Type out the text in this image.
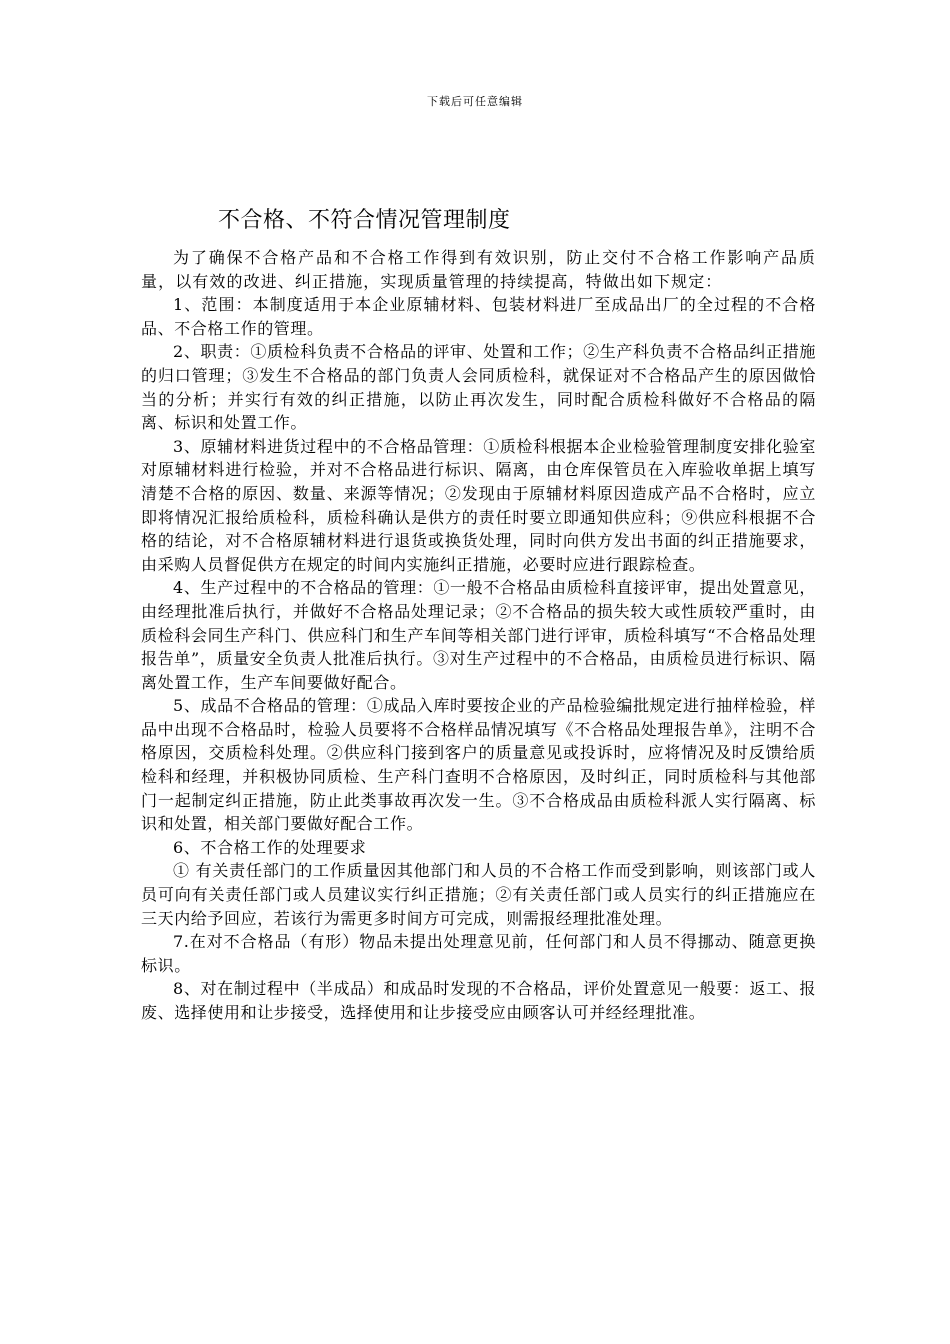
下载后可任意编辑
不合格、不符合情况管理制度

为了确保不合格产品和不合格工作得到有效识别，防止交付不合格工作影响产品质量，以有效的改进、纠正措施，实现质量管理的持续提高，特做出如下规定：

1、范围：本制度适用于本企业原辅材料、包装材料进厂至成品出厂的全过程的不合格品、不合格工作的管理。

2、职责：①质检科负责不合格品的评审、处置和工作；②生产科负责不合格品纠正措施的归口管理；③发生不合格品的部门负责人会同质检科，就保证对不合格品产生的原因做恰当的分析；并实行有效的纠正措施，以防止再次发生，同时配合质检科做好不合格品的隔离、标识和处置工作。

3、原辅材料进货过程中的不合格品管理：①质检科根据本企业检验管理制度安排化验室对原辅材料进行检验，并对不合格品进行标识、隔离，由仓库保管员在入库验收单据上填写清楚不合格的原因、数量、来源等情况；②发现由于原辅材料原因造成产品不合格时，应立即将情况汇报给质检科，质检科确认是供方的责任时要立即通知供应科；⑨供应科根据不合格的结论，对不合格原辅材料进行退货或换货处理，同时向供方发出书面的纠正措施要求，由采购人员督促供方在规定的时间内实施纠正措施，必要时应进行跟踪检查。

4、生产过程中的不合格品的管理：①一般不合格品由质检科直接评审，提出处置意见，由经理批准后执行，并做好不合格品处理记录；②不合格品的损失较大或性质较严重时，由质检科会同生产科门、供应科门和生产车间等相关部门进行评审，质检科填写“不合格品处理报告单”，质量安全负责人批准后执行。③对生产过程中的不合格品，由质检员进行标识、隔离处置工作，生产车间要做好配合。

5、成品不合格品的管理：①成品入库时要按企业的产品检验编批规定进行抽样检验，样品中出现不合格品时，检验人员要将不合格样品情况填写《不合格品处理报告单》，注明不合格原因，交质检科处理。②供应科门接到客户的质量意见或投诉时，应将情况及时反馈给质检科和经理，并积极协同质检、生产科门查明不合格原因，及时纠正，同时质检科与其他部门一起制定纠正措施，防止此类事故再次发一生。③不合格成品由质检科派人实行隔离、标识和处置，相关部门要做好配合工作。

6、不合格工作的处理要求

① 有关责任部门的工作质量因其他部门和人员的不合格工作而受到影响，则该部门或人员可向有关责任部门或人员建议实行纠正措施；②有关责任部门或人员实行的纠正措施应在三天内给予回应，若该行为需更多时间方可完成，则需报经理批准处理。

7.在对不合格品（有形）物品未提出处理意见前，任何部门和人员不得挪动、随意更换标识。

8、对在制过程中（半成品）和成品时发现的不合格品，评价处置意见一般要：返工、报废、选择使用和让步接受，选择使用和让步接受应由顾客认可并经经理批准。
